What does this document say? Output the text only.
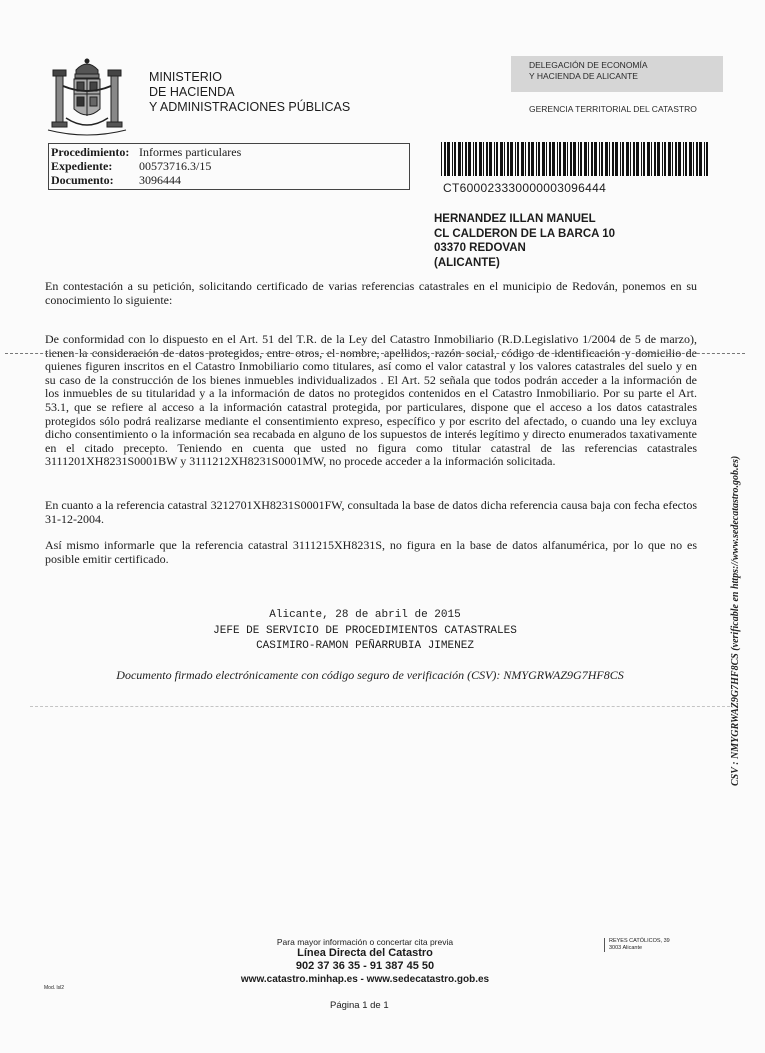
MINISTERIO
DE HACIENDA
Y ADMINISTRACIONES PÚBLICAS
DELEGACIÓN DE ECONOMÍA
Y HACIENDA DE ALICANTE
GERENCIA TERRITORIAL DEL CATASTRO
Procedimiento: Informes particulares
Expediente: 00573716.3/15
Documento: 3096444
CT600023330000003096444
HERNANDEZ ILLAN MANUEL
CL CALDERON DE LA BARCA 10
03370 REDOVAN
(ALICANTE)
En contestación a su petición, solicitando certificado de varias referencias catastrales en el municipio de Redován, ponemos en su conocimiento lo siguiente:
De conformidad con lo dispuesto en el Art. 51 del T.R. de la Ley del Catastro Inmobiliario (R.D.Legislativo 1/2004 de 5 de marzo), tienen la consideración de datos protegidos, entre otros, el nombre, apellidos, razón social, código de identificación y domicilio de quienes figuren inscritos en el Catastro Inmobiliario como titulares, así como el valor catastral y los valores catastrales del suelo y en su caso de la construcción de los bienes inmuebles individualizados . El Art. 52 señala que todos podrán acceder a la información de los inmuebles de su titularidad y a la información de datos no protegidos contenidos en el Catastro Inmobiliario. Por su parte el Art. 53.1, que se refiere al acceso a la información catastral protegida, por particulares, dispone que el acceso a los datos catastrales protegidos sólo podrá realizarse mediante el consentimiento expreso, específico y por escrito del afectado, o cuando una ley excluya dicho consentimiento o la información sea recabada en alguno de los supuestos de interés legítimo y directo enumerados taxativamente en el citado precepto. Teniendo en cuenta que usted no figura como titular catastral de las referencias catastrales 3111201XH8231S0001BW y 3111212XH8231S0001MW, no procede acceder a la información solicitada.
En cuanto a la referencia catastral 3212701XH8231S0001FW, consultada la base de datos dicha referencia causa baja con fecha efectos 31-12-2004.
Así mismo informarle que la referencia catastral 3111215XH8231S, no figura en la base de datos alfanumérica, por lo que no es posible emitir certificado.
Alicante, 28 de abril de 2015
JEFE DE SERVICIO DE PROCEDIMIENTOS CATASTRALES
CASIMIRO-RAMON PEÑARRUBIA JIMENEZ
Documento firmado electrónicamente con código seguro de verificación (CSV): NMYGRWAZ9G7HF8CS	CSV : NMYGRWAZ9G7HF8CS (verificable en https://www.sedecatastro.gob.es)
Para mayor información o concertar cita previa
Línea Directa del Catastro
902 37 36 35 - 91 387 45 50
www.catastro.minhap.es - www.sedecatastro.gob.es
REYES CATÓLICOS, 39
3003 Alicante
Mod. lsl2
Página 1 de 1
